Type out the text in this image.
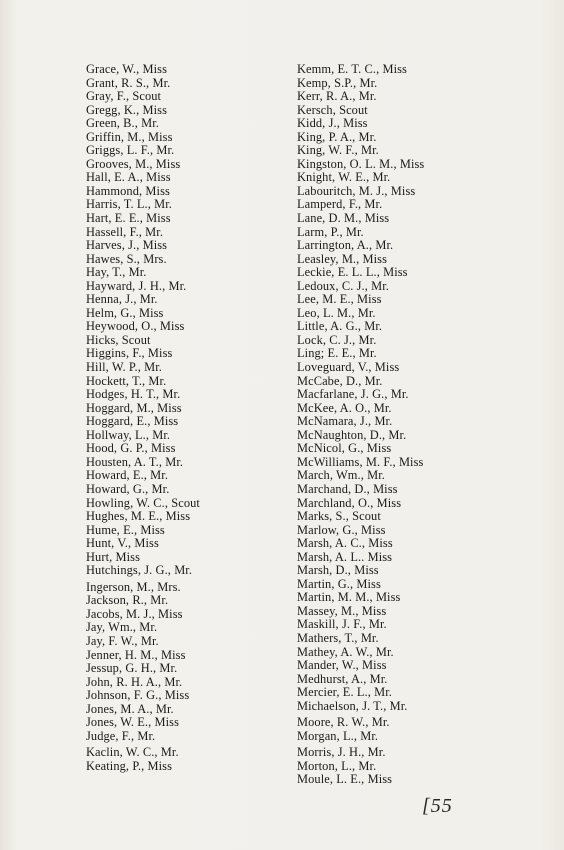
Grace, W., Miss
Grant, R. S., Mr.
Gray, F., Scout
Gregg, K., Miss
Green, B., Mr.
Griffin, M., Miss
Griggs, L. F., Mr.
Grooves, M., Miss
Hall, E. A., Miss
Hammond, Miss
Harris, T. L., Mr.
Hart, E. E., Miss
Hassell, F., Mr.
Harves, J., Miss
Hawes, S., Mrs.
Hay, T., Mr.
Hayward, J. H., Mr.
Henna, J., Mr.
Helm, G., Miss
Heywood, O., Miss
Hicks, Scout
Higgins, F., Miss
Hill, W. P., Mr.
Hockett, T., Mr.
Hodges, H. T., Mr.
Hoggard, M., Miss
Hoggard, E., Miss
Hollway, L., Mr.
Hood, G. P., Miss
Housten, A. T., Mr.
Howard, E., Mr.
Howard, G., Mr.
Howling, W. C., Scout
Hughes, M. E., Miss
Hume, E., Miss
Hunt, V., Miss
Hurt, Miss
Hutchings, J. G., Mr.
Ingerson, M., Mrs.
Jackson, R., Mr.
Jacobs, M. J., Miss
Jay, Wm., Mr.
Jay, F. W., Mr.
Jenner, H. M., Miss
Jessup, G. H., Mr.
John, R. H. A., Mr.
Johnson, F. G., Miss
Jones, M. A., Mr.
Jones, W. E., Miss
Judge, F., Mr.
Kaclin, W. C., Mr.
Keating, P., Miss
Kemm, E. T. C., Miss
Kemp, S.P., Mr.
Kerr, R. A., Mr.
Kersch, Scout
Kidd, J., Miss
King, P. A., Mr.
King, W. F., Mr.
Kingston, O. L. M., Miss
Knight, W. E., Mr.
Labouritch, M. J., Miss
Lamperd, F., Mr.
Lane, D. M., Miss
Larm, P., Mr.
Larrington, A., Mr.
Leasley, M., Miss
Leckie, E. L. L., Miss
Ledoux, C. J., Mr.
Lee, M. E., Miss
Leo, L. M., Mr.
Little, A. G., Mr.
Lock, C. J., Mr.
Ling; E. E., Mr.
Loveguard, V., Miss
McCabe, D., Mr.
Macfarlane, J. G., Mr.
McKee, A. O., Mr.
McNamara, J., Mr.
McNaughton, D., Mr.
McNicol, G., Miss
McWilliams, M. F., Miss
March, Wm., Mr.
Marchand, D., Miss
Marchland, O., Miss
Marks, S., Scout
Marlow, G., Miss
Marsh, A. C., Miss
Marsh, A. L.. Miss
Marsh, D., Miss
Martin, G., Miss
Martin, M. M., Miss
Massey, M., Miss
Maskill, J. F., Mr.
Mathers, T., Mr.
Mathey, A. W., Mr.
Mander, W., Miss
Medhurst, A., Mr.
Mercier, E. L., Mr.
Michaelson, J. T., Mr.
Moore, R. W., Mr.
Morgan, L., Mr.
Morris, J. H., Mr.
Morton, L., Mr.
Moule, L. E., Miss
[55
